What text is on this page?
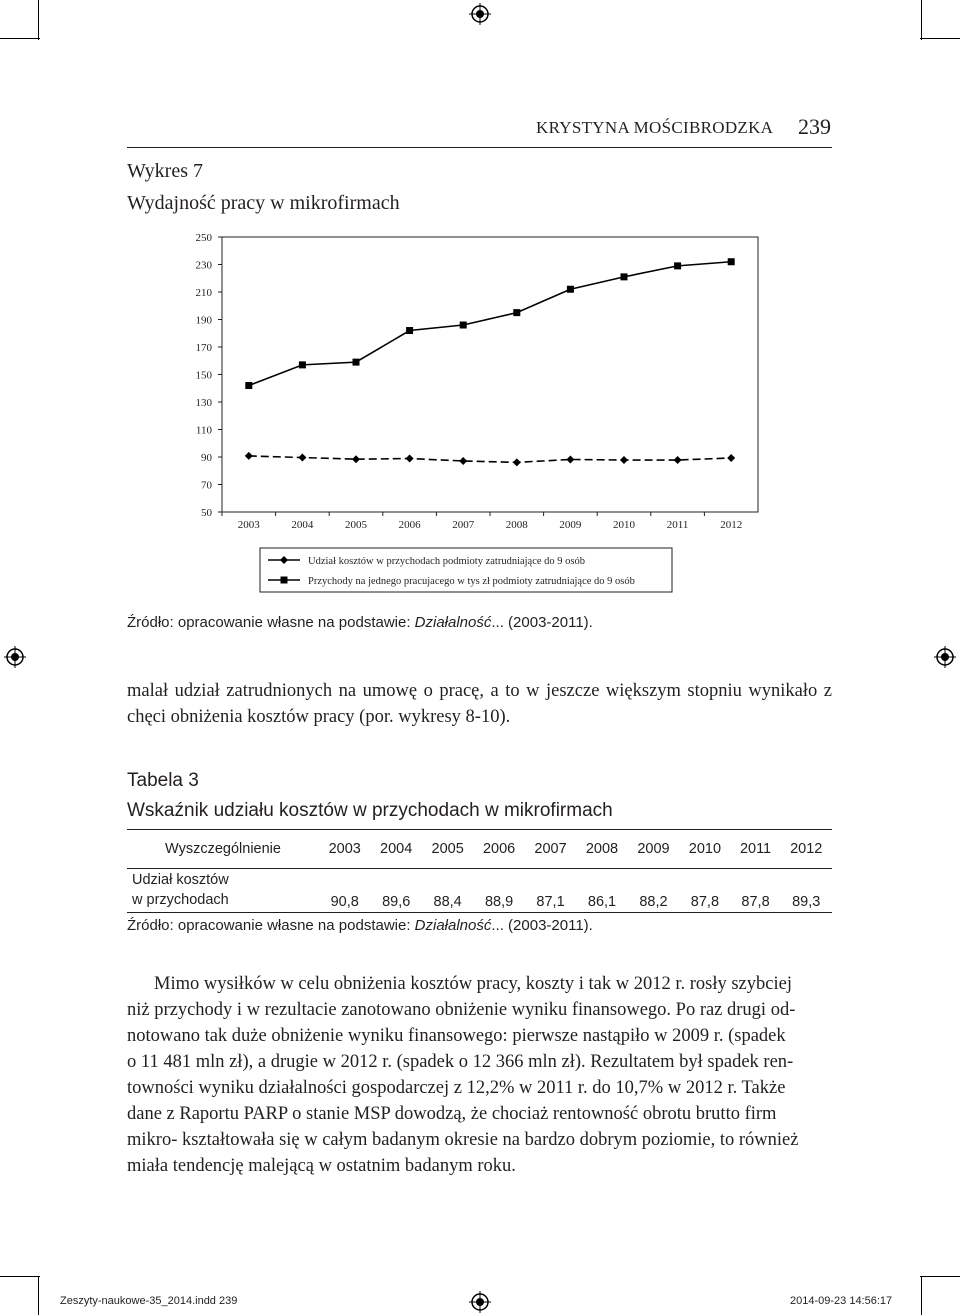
KRYSTYNA MOŚCIBRODZKA 239
Wykres 7
Wydajność pracy w mikrofirmach
250
230
210
190
170
150
130
110
90
70
50
2003	2004	2005	2006	2007	2008	2009	2010	2011	2012
Udział kosztów w przychodach podmioty zatrudniające do 9 osób
Przychody na jednego pracujacego w tys zł podmioty zatrudniające do 9 osób
Źródło: opracowanie własne na podstawie: Działalność... (2003-2011).

malał udział zatrudnionych na umowę o pracę, a to w jeszcze większym stopniu wynikało z chęci obniżenia kosztów pracy (por. wykresy 8-10).

Tabela 3
Wskaźnik udziału kosztów w przychodach w mikrofirmach
Wyszczególnienie	2003	2004	2005	2006	2007	2008	2009	2010	2011	2012
Udział kosztów
w przychodach	90,8	89,6	88,4	88,9	87,1	86,1	88,2	87,8	87,8	89,3
Źródło: opracowanie własne na podstawie: Działalność... (2003-2011).

Mimo wysiłków w celu obniżenia kosztów pracy, koszty i tak w 2012 r. rosły szybciej

niż przychody i w rezultacie zanotowano obniżenie wyniku finansowego. Po raz drugi od-

notowano tak duże obniżenie wyniku finansowego: pierwsze nastąpiło w 2009 r. (spadek

o 11 481 mln zł), a drugie w 2012 r. (spadek o 12 366 mln zł). Rezultatem był spadek ren-

towności wyniku działalności gospodarczej z 12,2% w 2011 r. do 10,7% w 2012 r. Także

dane z Raportu PARP o stanie MSP dowodzą, że chociaż rentowność obrotu brutto firm

mikro- kształtowała się w całym badanym okresie na bardzo dobrym poziomie, to również

miała tendencję malejącą w ostatnim badanym roku.

Zeszyty-naukowe-35_2014.indd 239	2014-09-23 14:56:17
